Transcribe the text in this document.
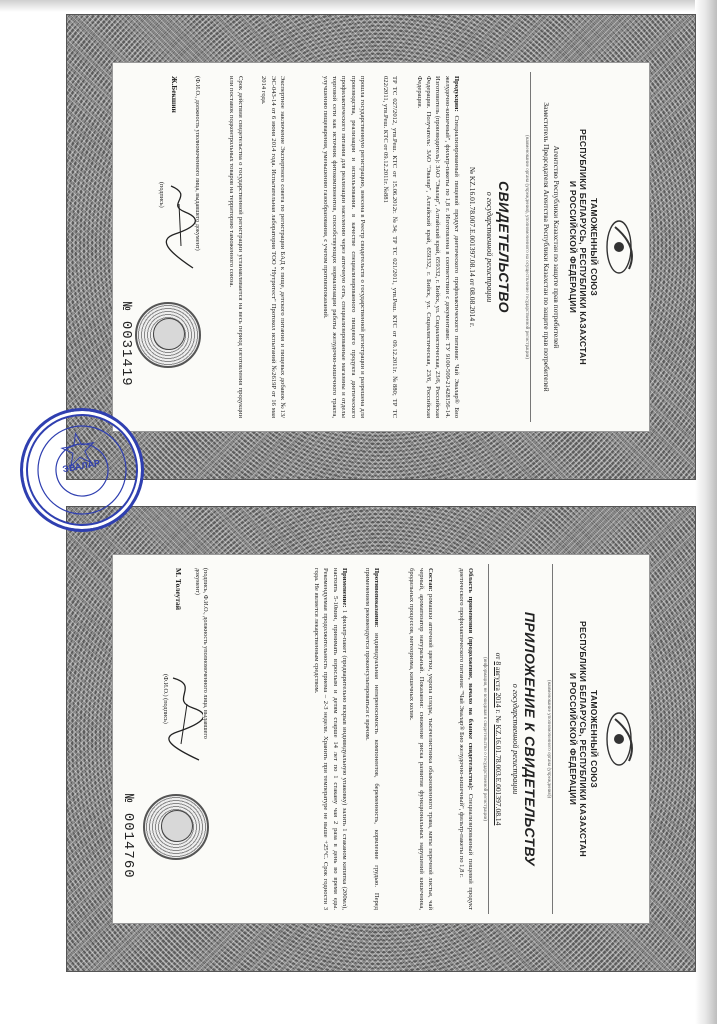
ТАМОЖЕННЫЙ СОЮЗ
РЕСПУБЛИКИ БЕЛАРУСЬ, РЕСПУБЛИКИ КАЗАХСТАН
И РОССИЙСКОЙ ФЕДЕРАЦИИ
Агентство Республики Казахстан по защите прав потребителей
Заместитель Председателя Агентства Республики Казахстан по защите прав потребителей
(наименование органа (учреждения), уполномоченного на осуществление государственной регистрации)
СВИДЕТЕЛЬСТВО
о государственной регистрации
№ KZ.16.01.78.007.Е.001397.08.14 от 08.08.2014 г.
Продукция: Специализированный пищевой продукт диетического профилактического питания: Чай Эвалар® Био желудочно-кишечный", фильтр-пакеты по 1,8 г. Изготовлена в соответствии с документами: ТУ 9100-509-21428156-14. Изготовитель (производитель): ЗАО "Эвалар", Алтайский край, 659332, г. Бийск, ул. Социалистическая, 23/6, Российская Федерация. Получатель: ЗАО "Эвалар", Алтайский край, 659332, г. Бийск, ул. Социалистическая, 23/6, Российская Федерация.
ТР ТС 027/2012, утв.Реш. КТС от 15.06.2012г. №34; ТР ТС 021/2011, утв.Реш. КТС от 09.12.2011г. №880; ТР ТС 022/2011, утв.Реш. КТС от 09.12.2011г. №881
прошла государственную регистрацию, внесена в Реестр свидетельств о государственной регистрации и разрешена для производства, реализации и использования. в качестве специализированного пищевого продукта диетического профилактического питания для реализации населению через аптечную сеть, специализированные магазины и отделы торговой сети как источник фитокомпонентов, способствующих нормализации работы желудочно-кишечного тракта, улучшению пищеварения, уменьшению газообразования, с учетом противопоказаний.
Экспертное заключение Экспертного совета по регистрации БАД к пище, детского питания и пищевых добавок №13/ЭС-043-14 от 6 июня 2014 года. Испытательная лаборатория ТОО "Нутритест" Протокол испытаний №2619Р от 16 мая 2014 года.
Срок действия свидетельства о государственной регистрации устанавливается на весь период изготовления продукции или поставок подконтрольных товаров на территорию таможенного союза.
(Ф.И.О., должность уполномоченного лица, выдавшего документ)
Ж.Бекшин
(подпись)
№ 0031419
ТАМОЖЕННЫЙ СОЮЗ
РЕСПУБЛИКИ БЕЛАРУСЬ, РЕСПУБЛИКИ КАЗАХСТАН
И РОССИЙСКОЙ ФЕДЕРАЦИИ
(наименование уполномоченного органа (учреждения))
ПРИЛОЖЕНИЕ К СВИДЕТЕЛЬСТВУ
о государственной регистрации
от 8 августа 2014 г. № KZ.16.01.78.003.Е.001397.08.14
(информация, не вошедшая в свидетельство о государственной регистрации)
Область применения (продолжение, начало на бланке свидетельства): Специализированный пищевой продукт диетического профилактического питания: "Чай Эвалар® Био желудочно-кишечный", фильтр-пакеты по 1,8 г.
Состав: ромашки аптечной цветки, укропа плоды, тысячелистника обыкновенного трава, мяты перечной листья, чай черный, ароматизатор натуральный. Показания: снижение риска развития функциональных нарушений кишечника, бродильных процессов, метеоризма, кишечных колик.
Противопоказания: индивидуальная непереносимость компонентов, беременность, кормление грудью. Перед применением рекомендуется проконсультироваться с врачом.
Применение: 1 фильтр-пакет (предварительно вскрыв индивидуальную упаковку) залить 1 стаканом кипятка (200мл), настоять 5-10мин, принимать взрослым и детям старше 14 лет по 1 стакану чая 2 раза в день во время еды. Рекомендуемая продолжительность приема – 2-3 недели. Хранить при температуре не выше +25°С. Срок годности 3 года. Не является лекарственным средством.
(подпись, Ф.И.О., должность уполномоченного лица, выдавшего документ)
М. Толеутай
(Ф.И.О.) (подпись)
№ 0014760
ЭВАЛАР
